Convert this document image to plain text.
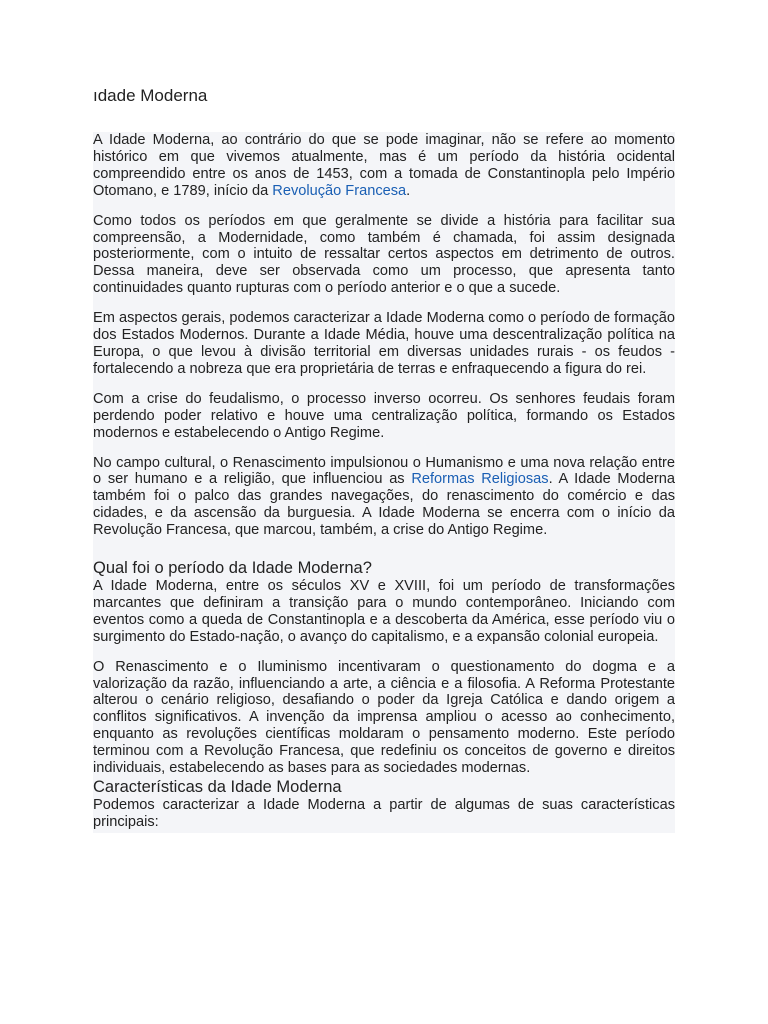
ıdade Moderna

A Idade Moderna, ao contrário do que se pode imaginar, não se refere ao momento histórico em que vivemos atualmente, mas é um período da história ocidental compreendido entre os anos de 1453, com a tomada de Constantinopla pelo Império Otomano, e 1789, início da Revolução Francesa.

Como todos os períodos em que geralmente se divide a história para facilitar sua compreensão, a Modernidade, como também é chamada, foi assim designada posteriormente, com o intuito de ressaltar certos aspectos em detrimento de outros. Dessa maneira, deve ser observada como um processo, que apresenta tanto continuidades quanto rupturas com o período anterior e o que a sucede.

Em aspectos gerais, podemos caracterizar a Idade Moderna como o período de formação dos Estados Modernos. Durante a Idade Média, houve uma descentralização política na Europa, o que levou à divisão territorial em diversas unidades rurais - os feudos - fortalecendo a nobreza que era proprietária de terras e enfraquecendo a figura do rei.

Com a crise do feudalismo, o processo inverso ocorreu. Os senhores feudais foram perdendo poder relativo e houve uma centralização política, formando os Estados modernos e estabelecendo o Antigo Regime.

No campo cultural, o Renascimento impulsionou o Humanismo e uma nova relação entre o ser humano e a religião, que influenciou as Reformas Religiosas. A Idade Moderna também foi o palco das grandes navegações, do renascimento do comércio e das cidades, e da ascensão da burguesia. A Idade Moderna se encerra com o início da Revolução Francesa, que marcou, também, a crise do Antigo Regime.

Qual foi o período da Idade Moderna?

A Idade Moderna, entre os séculos XV e XVIII, foi um período de transformações marcantes que definiram a transição para o mundo contemporâneo. Iniciando com eventos como a queda de Constantinopla e a descoberta da América, esse período viu o surgimento do Estado-nação, o avanço do capitalismo, e a expansão colonial europeia.

O Renascimento e o Iluminismo incentivaram o questionamento do dogma e a valorização da razão, influenciando a arte, a ciência e a filosofia. A Reforma Protestante alterou o cenário religioso, desafiando o poder da Igreja Católica e dando origem a conflitos significativos. A invenção da imprensa ampliou o acesso ao conhecimento, enquanto as revoluções científicas moldaram o pensamento moderno. Este período terminou com a Revolução Francesa, que redefiniu os conceitos de governo e direitos individuais, estabelecendo as bases para as sociedades modernas.

Características da Idade Moderna

Podemos caracterizar a Idade Moderna a partir de algumas de suas características principais:
